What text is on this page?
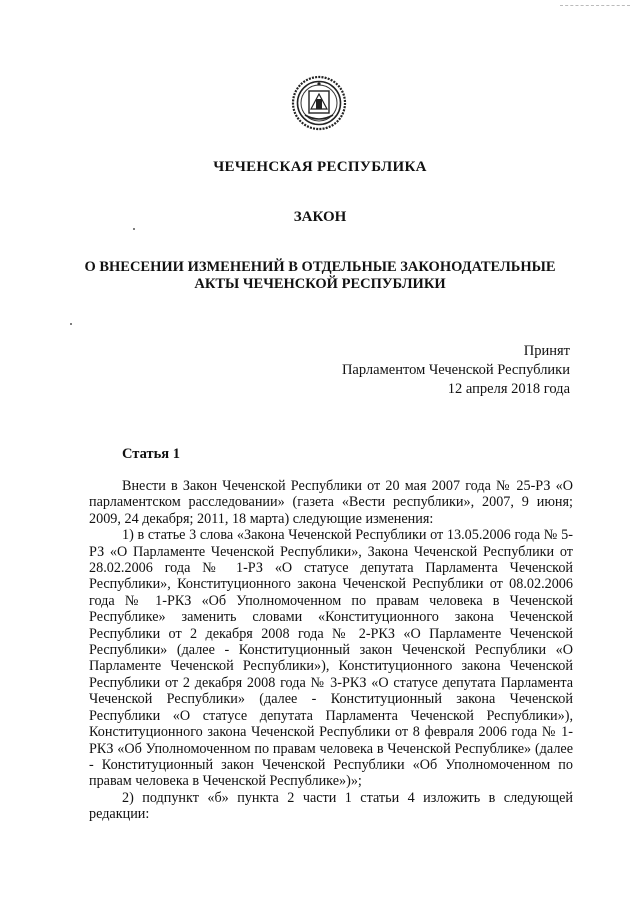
ЧЕЧЕНСКАЯ РЕСПУБЛИКА
ЗАКОН
О ВНЕСЕНИИ ИЗМЕНЕНИЙ В ОТДЕЛЬНЫЕ ЗАКОНОДАТЕЛЬНЫЕ
АКТЫ ЧЕЧЕНСКОЙ РЕСПУБЛИКИ
Принят
Парламентом Чеченской Республики
12 апреля 2018 года
Статья 1

Внести в Закон Чеченской Республики от 20 мая 2007 года № 25-РЗ «О парламентском расследовании» (газета «Вести республики», 2007, 9 июня; 2009, 24 декабря; 2011, 18 марта) следующие изменения:

1) в статье 3 слова «Закона Чеченской Республики от 13.05.2006 года № 5-РЗ «О Парламенте Чеченской Республики», Закона Чеченской Республики от 28.02.2006 года № 1-РЗ «О статусе депутата Парламента Чеченской Республики», Конституционного закона Чеченской Республики от 08.02.2006 года № 1-РКЗ «Об Уполномоченном по правам человека в Чеченской Республике» заменить словами «Конституционного закона Чеченской Республики от 2 декабря 2008 года № 2-РКЗ «О Парламенте Чеченской Республики» (далее - Конституционный закон Чеченской Республики «О Парламенте Чеченской Республики»), Конституционного закона Чеченской Республики от 2 декабря 2008 года № 3-РКЗ «О статусе депутата Парламента Чеченской Республики» (далее - Конституционный закона Чеченской Республики «О статусе депутата Парламента Чеченской Республики»), Конституционного закона Чеченской Республики от 8 февраля 2006 года № 1-РКЗ «Об Уполномоченном по правам человека в Чеченской Республике» (далее - Конституционный закон Чеченской Республики «Об Уполномоченном по правам человека в Чеченской Республике»)»;

2) подпункт «б» пункта 2 части 1 статьи 4 изложить в следующей редакции:
